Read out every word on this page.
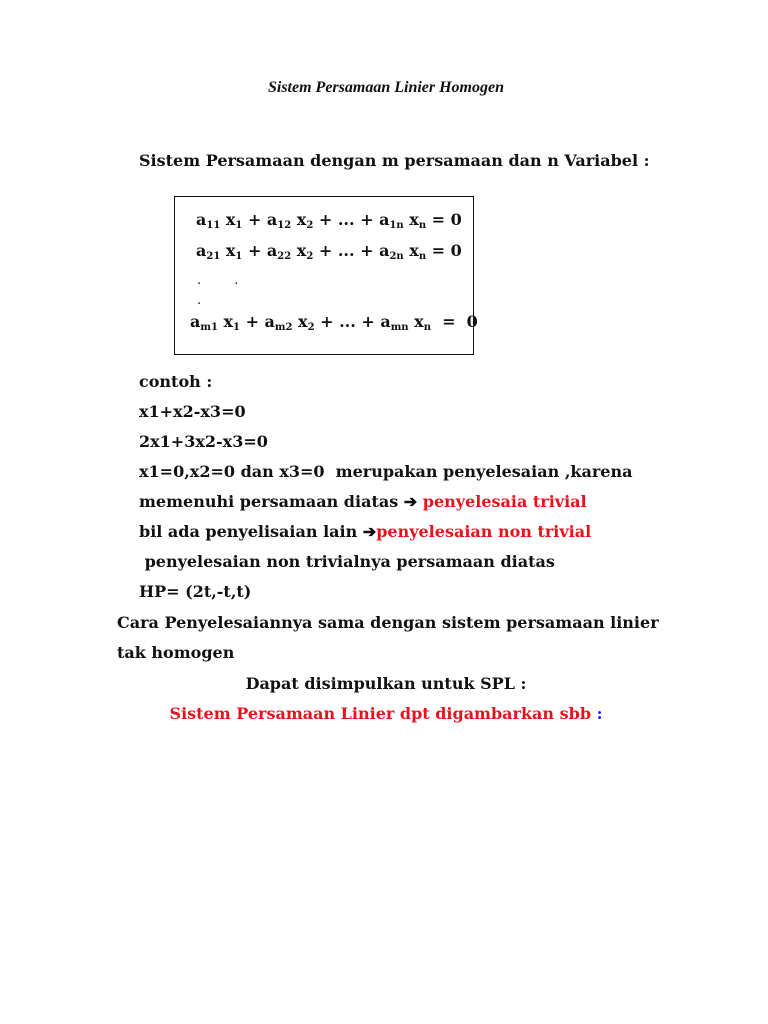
Sistem Persamaan Linier Homogen
Sistem Persamaan dengan m persamaan dan n Variabel :
$a_{11}$ $x_1 + a_{12}$ $x_2$ + ... + $a_{1n}$ $x_n = 0$
$a_{21}$ $x_1 + a_{22}$ $x_2$ + ... + $a_{2n}$ $x_n = 0$
.        .
.
$a_{m1}$ $x_1 + a_{m2}$ $x_2$ + ... + $a_{mn}$ $x_n = 0$
contoh :
x1+x2-x3=0
2x1+3x2-x3=0
x1=0,x2=0 dan x3=0  merupakan penyelesaian ,karena
memenuhi persamaan diatas ➔ penyelesaia trivial
bil ada penyelisaian lain ➔penyelesaian non trivial
penyelesaian non trivialnya persamaan diatas
HP= (2t,-t,t)
Cara Penyelesaiannya sama dengan sistem persamaan linier
tak homogen
Dapat disimpulkan untuk SPL :
Sistem Persamaan Linier dpt digambarkan sbb :
